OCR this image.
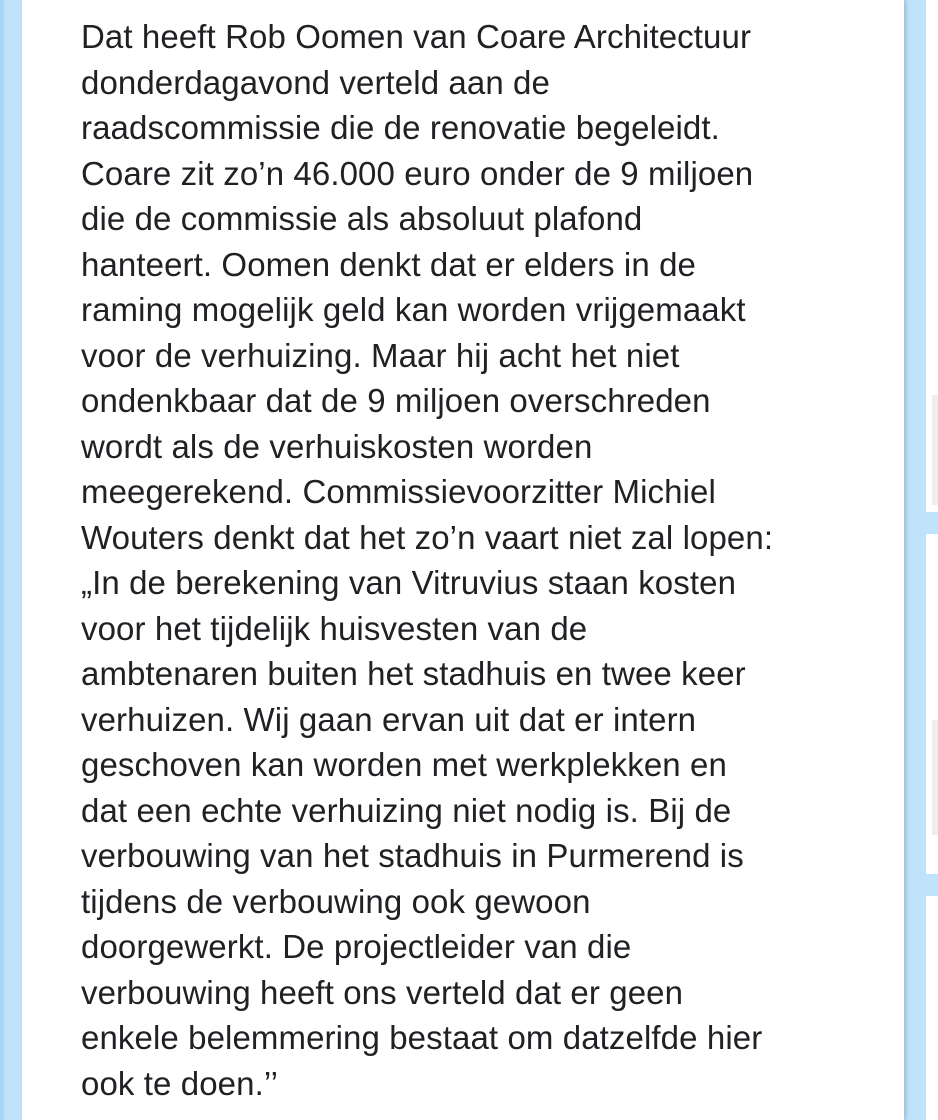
Dat heeft Rob Oomen van Coare Architectuur
donderdagavond verteld aan de
raadscommissie die de renovatie begeleidt.
Coare zit zo’n 46.000 euro onder de 9 miljoen
die de commissie als absoluut plafond
hanteert. Oomen denkt dat er elders in de
raming mogelijk geld kan worden vrijgemaakt
voor de verhuizing. Maar hij acht het niet
ondenkbaar dat de 9 miljoen overschreden
wordt als de verhuiskosten worden
meegerekend. Commissievoorzitter Michiel
Wouters denkt dat het zo’n vaart niet zal lopen:
„In de berekening van Vitruvius staan kosten
voor het tijdelijk huisvesten van de
ambtenaren buiten het stadhuis en twee keer
verhuizen. Wij gaan ervan uit dat er intern
geschoven kan worden met werkplekken en
dat een echte verhuizing niet nodig is. Bij de
verbouwing van het stadhuis in Purmerend is
tijdens de verbouwing ook gewoon
doorgewerkt. De projectleider van die
verbouwing heeft ons verteld dat er geen
enkele belemmering bestaat om datzelfde hier
ook te doen.’’
